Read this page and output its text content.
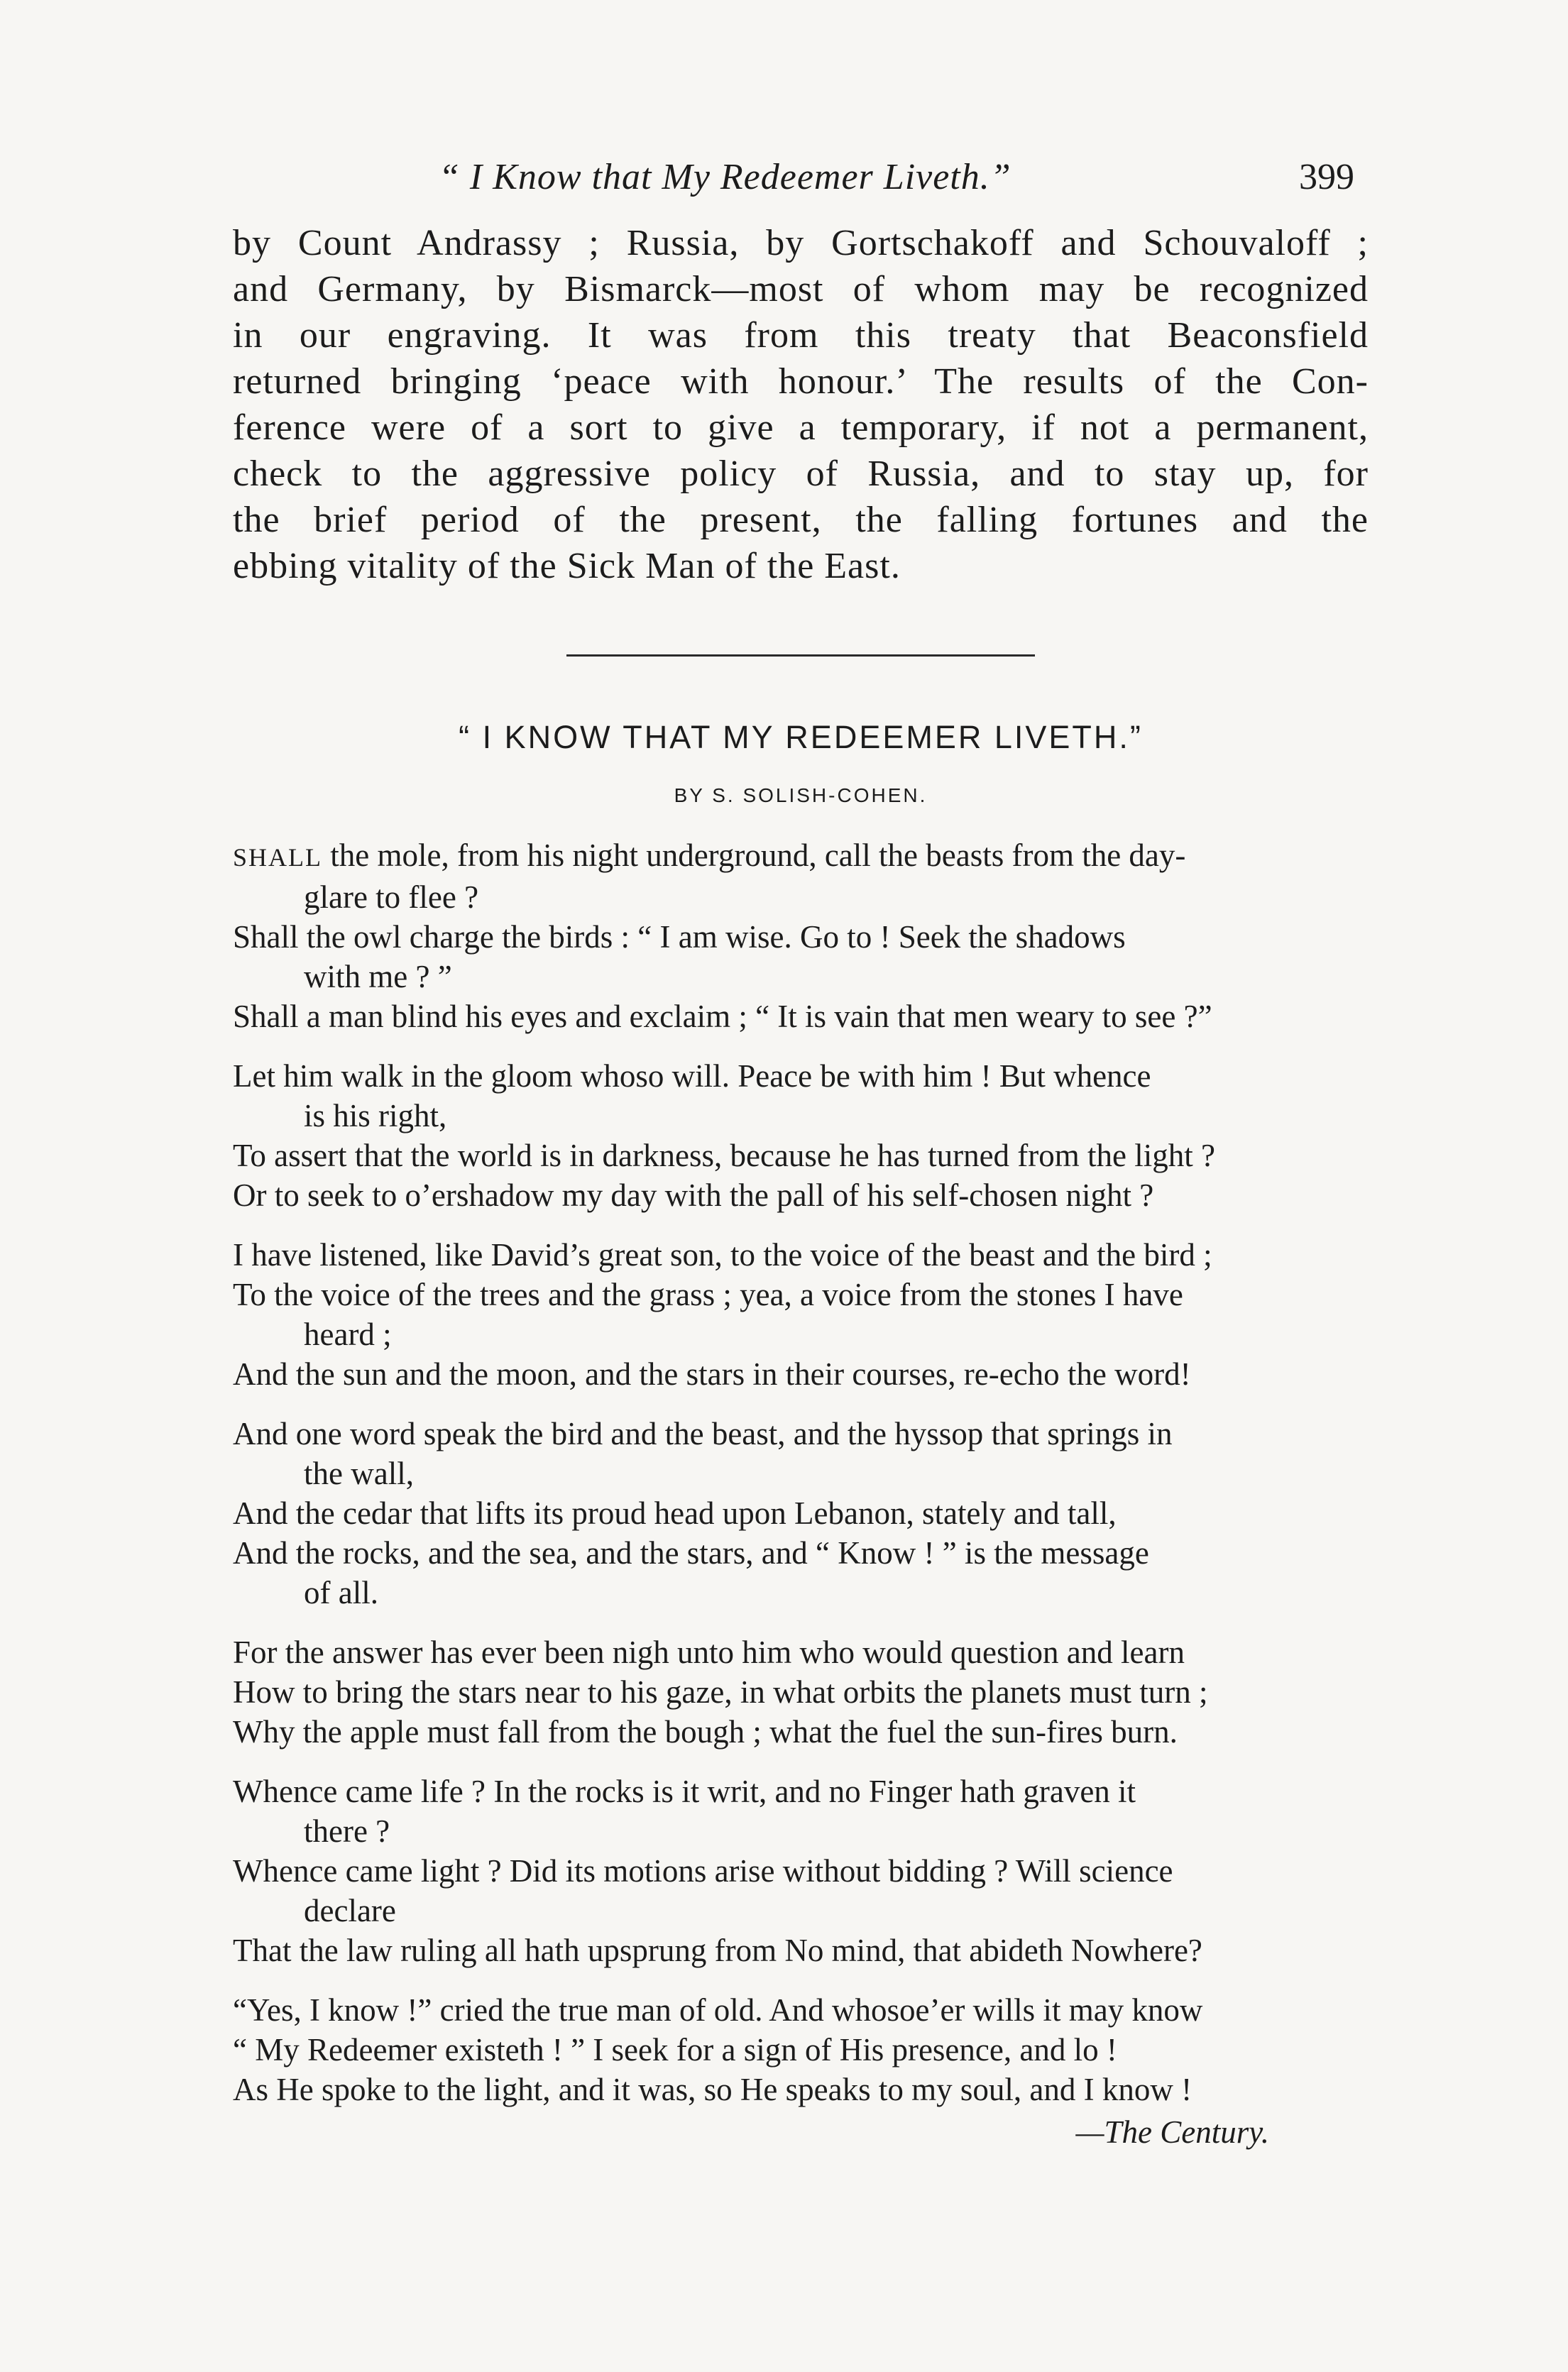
“ I Know that My Redeemer Liveth.”	399
by Count Andrassy ; Russia, by Gortschakoff and Schouvaloff ;
and Germany, by Bismarck—most of whom may be recognized
in our engraving. It was from this treaty that Beaconsfield
returned bringing ‘peace with honour.’ The results of the Con-
ference were of a sort to give a temporary, if not a permanent,
check to the aggressive policy of Russia, and to stay up, for
the brief period of the present, the falling fortunes and the
ebbing vitality of the Sick Man of the East.
“ I KNOW THAT MY REDEEMER LIVETH.”
BY S. SOLISH-COHEN.
SHALL the mole, from his night underground, call the beasts from the day-
glare to flee ?
Shall the owl charge the birds : “ I am wise. Go to ! Seek the shadows
with me ? ”
Shall a man blind his eyes and exclaim ; “ It is vain that men weary to see ?”
Let him walk in the gloom whoso will. Peace be with him ! But whence
is his right,
To assert that the world is in darkness, because he has turned from the light ?
Or to seek to o’ershadow my day with the pall of his self-chosen night ?
I have listened, like David’s great son, to the voice of the beast and the bird ;
To the voice of the trees and the grass ; yea, a voice from the stones I have
heard ;
And the sun and the moon, and the stars in their courses, re-echo the word!
And one word speak the bird and the beast, and the hyssop that springs in
the wall,
And the cedar that lifts its proud head upon Lebanon, stately and tall,
And the rocks, and the sea, and the stars, and “ Know ! ” is the message
of all.
For the answer has ever been nigh unto him who would question and learn
How to bring the stars near to his gaze, in what orbits the planets must turn ;
Why the apple must fall from the bough ; what the fuel the sun-fires burn.
Whence came life ? In the rocks is it writ, and no Finger hath graven it
there ?
Whence came light ? Did its motions arise without bidding ? Will science
declare
That the law ruling all hath upsprung from No mind, that abideth Nowhere?
“Yes, I know !” cried the true man of old. And whosoe’er wills it may know
“ My Redeemer existeth ! ” I seek for a sign of His presence, and lo !
As He spoke to the light, and it was, so He speaks to my soul, and I know !
—The Century.
